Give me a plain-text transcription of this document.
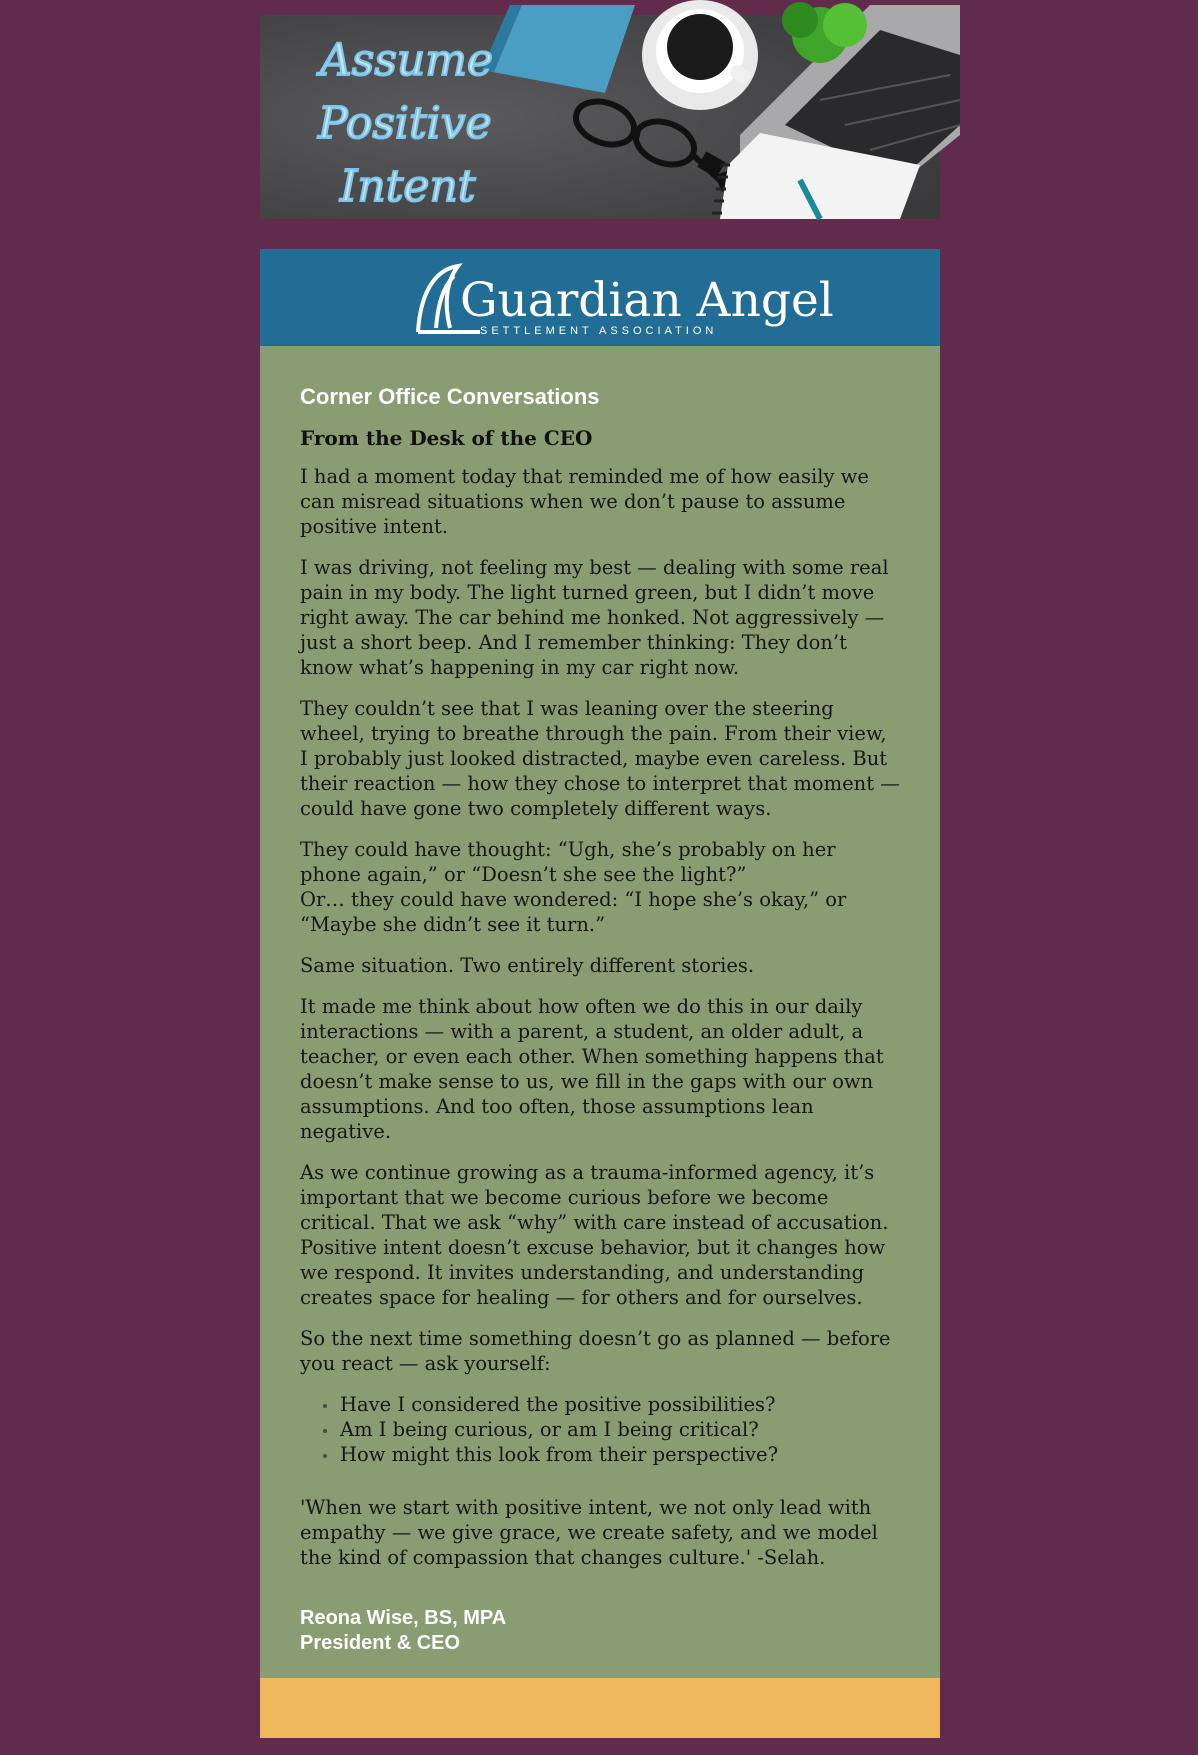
Assume
Positive
Intent
Guardian Angel
SETTLEMENT ASSOCIATION
Corner Office Conversations
From the Desk of the CEO

I had a moment today that reminded me of how easily we can misread situations when we don’t pause to assume positive intent.

I was driving, not feeling my best — dealing with some real pain in my body. The light turned green, but I didn’t move right away. The car behind me honked. Not aggressively — just a short beep. And I remember thinking: They don’t know what’s happening in my car right now.

They couldn’t see that I was leaning over the steering wheel, trying to breathe through the pain. From their view, I probably just looked distracted, maybe even careless. But their reaction — how they chose to interpret that moment — could have gone two completely different ways.

They could have thought: “Ugh, she’s probably on her phone again,” or “Doesn’t she see the light?”
Or… they could have wondered: “I hope she’s okay,” or “Maybe she didn’t see it turn.”

Same situation. Two entirely different stories.

It made me think about how often we do this in our daily interactions — with a parent, a student, an older adult, a teacher, or even each other. When something happens that doesn’t make sense to us, we fill in the gaps with our own assumptions. And too often, those assumptions lean negative.

As we continue growing as a trauma-informed agency, it’s important that we become curious before we become critical. That we ask “why” with care instead of accusation. Positive intent doesn’t excuse behavior, but it changes how we respond. It invites understanding, and understanding creates space for healing — for others and for ourselves.

So the next time something doesn’t go as planned — before you react — ask yourself:

Have I considered the positive possibilities?
Am I being curious, or am I being critical?
How might this look from their perspective?

'When we start with positive intent, we not only lead with empathy — we give grace, we create safety, and we model the kind of compassion that changes culture.' -Selah.

Reona Wise, BS, MPA
President & CEO
